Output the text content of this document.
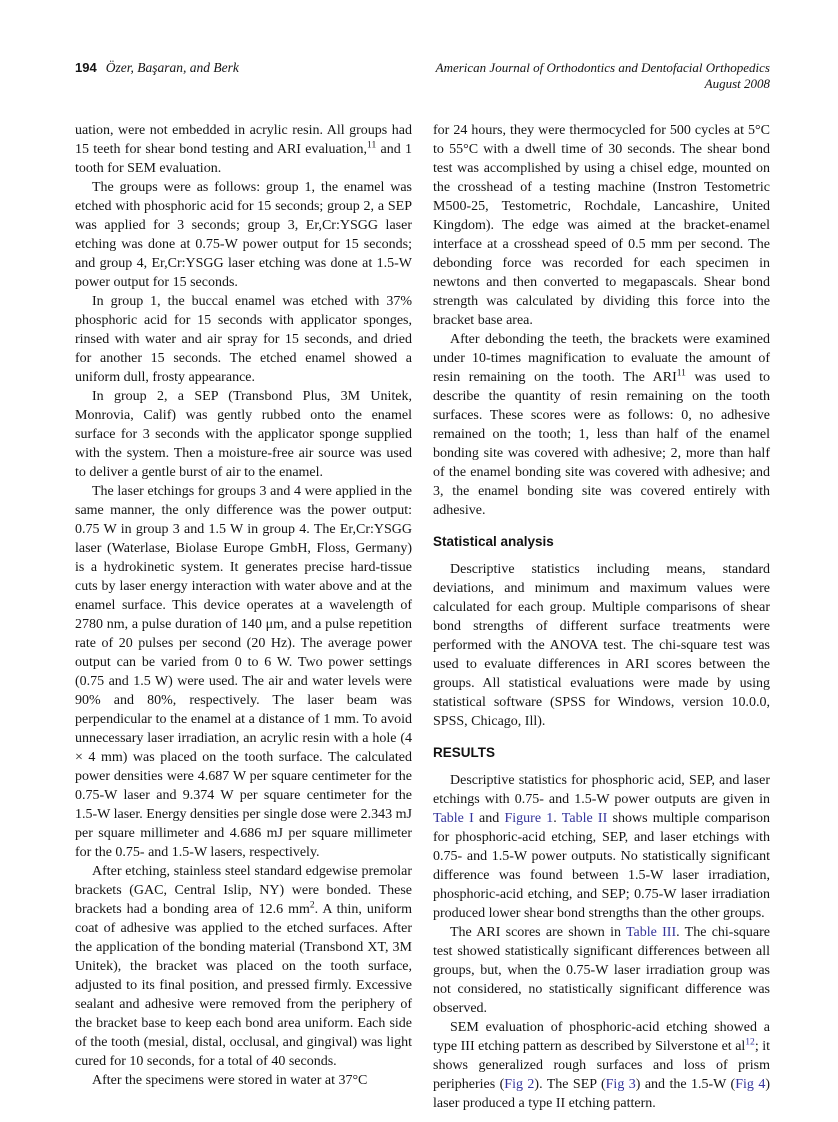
194 Özer, Başaran, and Berk	American Journal of Orthodontics and Dentofacial Orthopedics
August 2008

uation, were not embedded in acrylic resin. All groups had 15 teeth for shear bond testing and ARI evaluation,$^{11}$ and 1 tooth for SEM evaluation.

The groups were as follows: group 1, the enamel was etched with phosphoric acid for 15 seconds; group 2, a SEP was applied for 3 seconds; group 3, Er,Cr:YSGG laser etching was done at 0.75-W power output for 15 seconds; and group 4, Er,Cr:YSGG laser etching was done at 1.5-W power output for 15 seconds.

In group 1, the buccal enamel was etched with 37% phosphoric acid for 15 seconds with applicator sponges, rinsed with water and air spray for 15 seconds, and dried for another 15 seconds. The etched enamel showed a uniform dull, frosty appearance.

In group 2, a SEP (Transbond Plus, 3M Unitek, Monrovia, Calif) was gently rubbed onto the enamel surface for 3 seconds with the applicator sponge supplied with the system. Then a moisture-free air source was used to deliver a gentle burst of air to the enamel.

The laser etchings for groups 3 and 4 were applied in the same manner, the only difference was the power output: 0.75 W in group 3 and 1.5 W in group 4. The Er,Cr:YSGG laser (Waterlase, Biolase Europe GmbH, Floss, Germany) is a hydrokinetic system. It generates precise hard-tissue cuts by laser energy interaction with water above and at the enamel surface. This device operates at a wavelength of 2780 nm, a pulse duration of 140 μm, and a pulse repetition rate of 20 pulses per second (20 Hz). The average power output can be varied from 0 to 6 W. Two power settings (0.75 and 1.5 W) were used. The air and water levels were 90% and 80%, respectively. The laser beam was perpendicular to the enamel at a distance of 1 mm. To avoid unnecessary laser irradiation, an acrylic resin with a hole (4 × 4 mm) was placed on the tooth surface. The calculated power densities were 4.687 W per square centimeter for the 0.75-W laser and 9.374 W per square centimeter for the 1.5-W laser. Energy densities per single dose were 2.343 mJ per square millimeter and 4.686 mJ per square millimeter for the 0.75- and 1.5-W lasers, respectively.

After etching, stainless steel standard edgewise premolar brackets (GAC, Central Islip, NY) were bonded. These brackets had a bonding area of 12.6 $mm^2$. A thin, uniform coat of adhesive was applied to the etched surfaces. After the application of the bonding material (Transbond XT, 3M Unitek), the bracket was placed on the tooth surface, adjusted to its final position, and pressed firmly. Excessive sealant and adhesive were removed from the periphery of the bracket base to keep each bond area uniform. Each side of the tooth (mesial, distal, occlusal, and gingival) was light cured for 10 seconds, for a total of 40 seconds.

After the specimens were stored in water at 37°C

for 24 hours, they were thermocycled for 500 cycles at 5°C to 55°C with a dwell time of 30 seconds. The shear bond test was accomplished by using a chisel edge, mounted on the crosshead of a testing machine (Instron Testometric M500-25, Testometric, Rochdale, Lancashire, United Kingdom). The edge was aimed at the bracket-enamel interface at a crosshead speed of 0.5 mm per second. The debonding force was recorded for each specimen in newtons and then converted to megapascals. Shear bond strength was calculated by dividing this force into the bracket base area.

After debonding the teeth, the brackets were examined under 10-times magnification to evaluate the amount of resin remaining on the tooth. The ARI$^{11}$ was used to describe the quantity of resin remaining on the tooth surfaces. These scores were as follows: 0, no adhesive remained on the tooth; 1, less than half of the enamel bonding site was covered with adhesive; 2, more than half of the enamel bonding site was covered with adhesive; and 3, the enamel bonding site was covered entirely with adhesive.

Statistical analysis

Descriptive statistics including means, standard deviations, and minimum and maximum values were calculated for each group. Multiple comparisons of shear bond strengths of different surface treatments were performed with the ANOVA test. The chi-square test was used to evaluate differences in ARI scores between the groups. All statistical evaluations were made by using statistical software (SPSS for Windows, version 10.0.0, SPSS, Chicago, Ill).

RESULTS

Descriptive statistics for phosphoric acid, SEP, and laser etchings with 0.75- and 1.5-W power outputs are given in Table I and Figure 1. Table II shows multiple comparison for phosphoric-acid etching, SEP, and laser etchings with 0.75- and 1.5-W power outputs. No statistically significant difference was found between 1.5-W laser irradiation, phosphoric-acid etching, and SEP; 0.75-W laser irradiation produced lower shear bond strengths than the other groups.

The ARI scores are shown in Table III. The chi-square test showed statistically significant differences between all groups, but, when the 0.75-W laser irradiation group was not considered, no statistically significant difference was observed.

SEM evaluation of phosphoric-acid etching showed a type III etching pattern as described by Silverstone et $al^{12}$; it shows generalized rough surfaces and loss of prism peripheries (Fig 2). The SEP (Fig 3) and the 1.5-W (Fig 4) laser produced a type II etching pattern.
